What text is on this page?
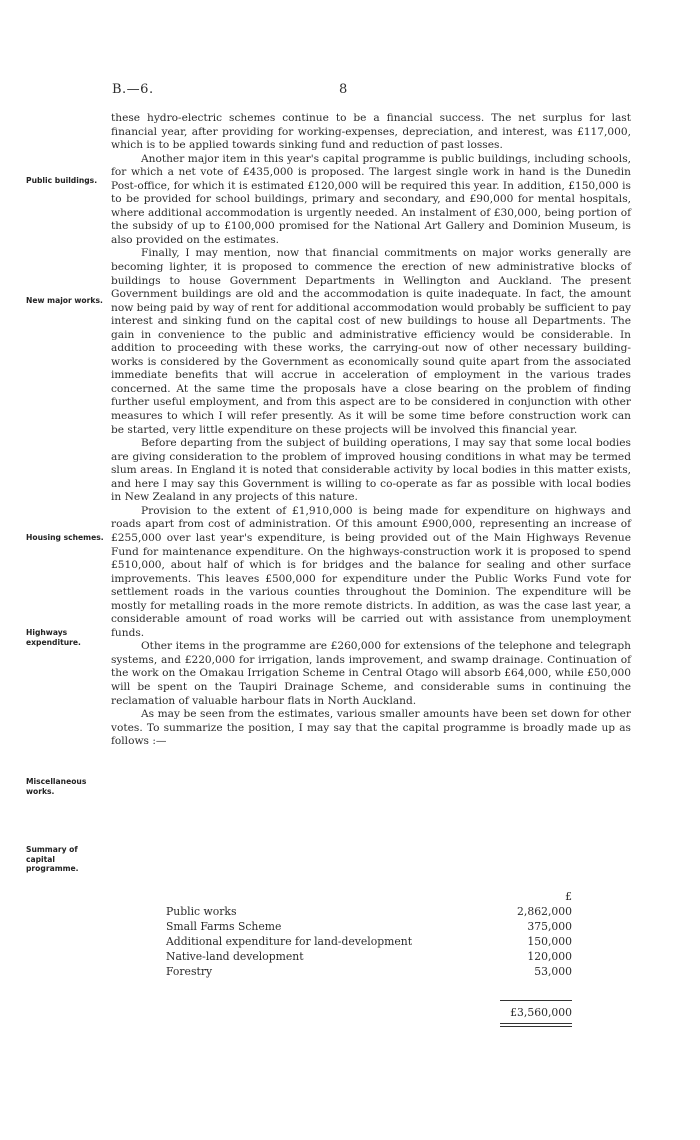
B.—6.	8
Public buildings.
New major works.
Housing schemes.
Highways expenditure.
Miscellaneous works.
Summary of capital programme.

these hydro-electric schemes continue to be a financial success. The net surplus for last financial year, after providing for working-expenses, depreciation, and interest, was £117,000, which is to be applied towards sinking fund and reduction of past losses.

Another major item in this year's capital programme is public buildings, including schools, for which a net vote of £435,000 is proposed. The largest single work in hand is the Dunedin Post-office, for which it is estimated £120,000 will be required this year. In addition, £150,000 is to be provided for school buildings, primary and secondary, and £90,000 for mental hospitals, where additional accommodation is urgently needed. An instalment of £30,000, being portion of the subsidy of up to £100,000 promised for the National Art Gallery and Dominion Museum, is also provided on the estimates.

Finally, I may mention, now that financial commitments on major works generally are becoming lighter, it is proposed to commence the erection of new administrative blocks of buildings to house Government Departments in Wellington and Auckland. The present Government buildings are old and the accommodation is quite inadequate. In fact, the amount now being paid by way of rent for additional accommodation would probably be sufficient to pay interest and sinking fund on the capital cost of new buildings to house all Departments. The gain in convenience to the public and administrative efficiency would be considerable. In addition to proceeding with these works, the carrying-out now of other necessary building-works is considered by the Government as economically sound quite apart from the associated immediate benefits that will accrue in acceleration of employment in the various trades concerned. At the same time the proposals have a close bearing on the problem of finding further useful employment, and from this aspect are to be considered in conjunction with other measures to which I will refer presently. As it will be some time before construction work can be started, very little expenditure on these projects will be involved this financial year.

Before departing from the subject of building operations, I may say that some local bodies are giving consideration to the problem of improved housing conditions in what may be termed slum areas. In England it is noted that considerable activity by local bodies in this matter exists, and here I may say this Government is willing to co-operate as far as possible with local bodies in New Zealand in any projects of this nature.

Provision to the extent of £1,910,000 is being made for expenditure on highways and roads apart from cost of administration. Of this amount £900,000, representing an increase of £255,000 over last year's expenditure, is being provided out of the Main Highways Revenue Fund for maintenance expenditure. On the highways-construction work it is proposed to spend £510,000, about half of which is for bridges and the balance for sealing and other surface improvements. This leaves £500,000 for expenditure under the Public Works Fund vote for settlement roads in the various counties throughout the Dominion. The expenditure will be mostly for metalling roads in the more remote districts. In addition, as was the case last year, a considerable amount of road works will be carried out with assistance from unemployment funds.

Other items in the programme are £260,000 for extensions of the telephone and telegraph systems, and £220,000 for irrigation, lands improvement, and swamp drainage. Continuation of the work on the Omakau Irrigation Scheme in Central Otago will absorb £64,000, while £50,000 will be spent on the Taupiri Drainage Scheme, and considerable sums in continuing the reclamation of valuable harbour flats in North Auckland.

As may be seen from the estimates, various smaller amounts have been set down for other votes. To summarize the position, I may say that the capital programme is broadly made up as follows :—

£
Public works	2,862,000
Small Farms Scheme	375,000
Additional expenditure for land-development	150,000
Native-land development	120,000
Forestry	53,000
£3,560,000
